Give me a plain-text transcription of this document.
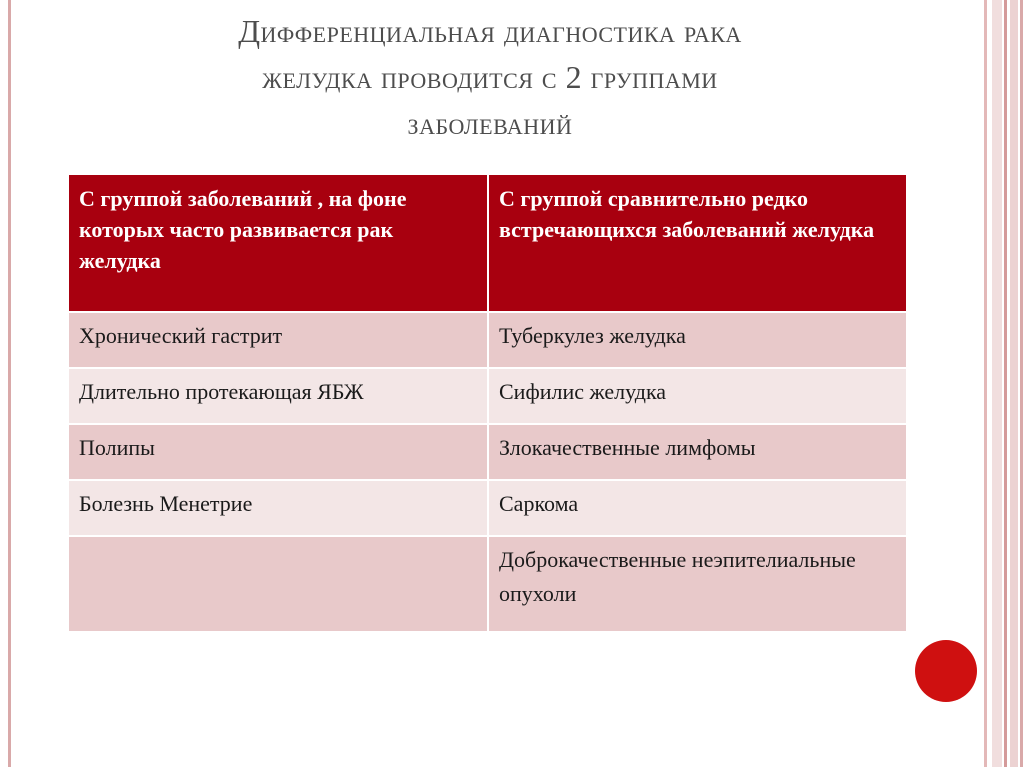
Дифференциальная диагностика рака
желудка проводится с 2 группами
заболеваний
С группой заболеваний , на фоне которых часто развивается рак желудка	С группой сравнительно редко встречающихся заболеваний желудка
Хронический гастрит	Туберкулез желудка
Длительно протекающая ЯБЖ	Сифилис желудка
Полипы	Злокачественные лимфомы
Болезнь Менетрие	Саркома
	Доброкачественные неэпителиальные опухоли
